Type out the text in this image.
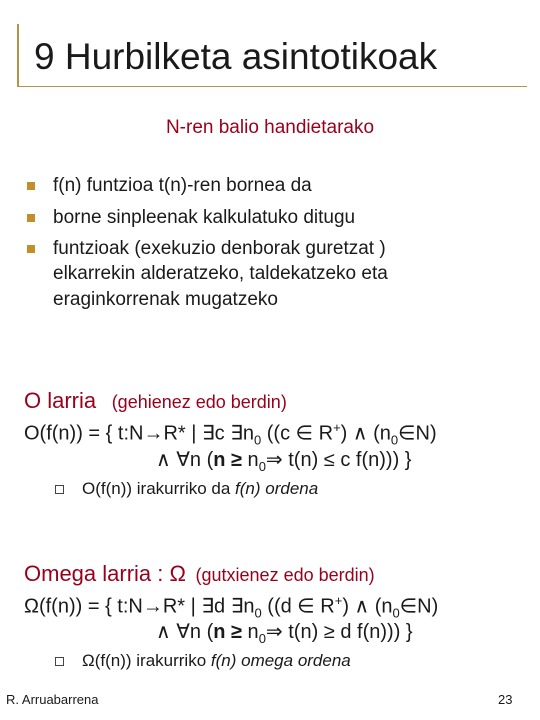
9 Hurbilketa asintotikoak
N-ren balio handietarako
f(n) funtzioa t(n)-ren bornea da
borne sinpleenak kalkulatuko ditugu
funtzioak (exekuzio denborak guretzat )
elkarrekin alderatzeko, taldekatzeko eta
eraginkorrenak mugatzeko
O larria (gehienez edo berdin)
O(f(n)) = { t:N→R* | ∃c $\exists n_0$ ((c ∈ R+) ∧ $(n_0\in N)$
∧ ∀n ($n \ge n_0\Rightarrow$ t(n) ≤ c f(n))) }
O(f(n)) irakurriko da f(n) ordena
Omega larria : Ω (gutxienez edo berdin)
Ω(f(n)) = { t:N→R* | ∃d $\exists n_0$ ((d ∈ R+) ∧ $(n_0\in N)$
∧ ∀n ($n \ge n_0\Rightarrow$ t(n) ≥ d f(n))) }
Ω(f(n)) irakurriko f(n) omega ordena
R. Arruabarrena	23
